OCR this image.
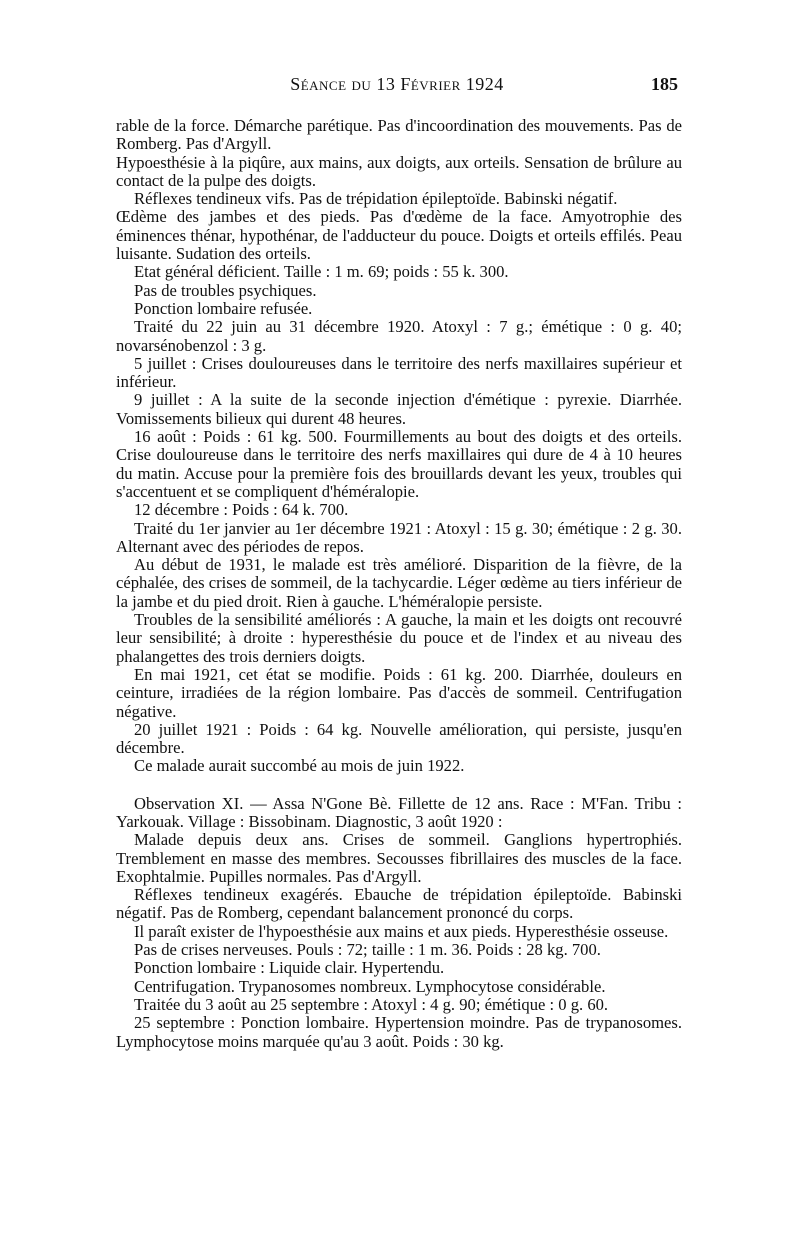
Séance du 13 Février 1924	185

rable de la force. Démarche parétique. Pas d'incoordination des mouvements. Pas de Romberg. Pas d'Argyll.

Hypoesthésie à la piqûre, aux mains, aux doigts, aux orteils. Sensation de brûlure au contact de la pulpe des doigts.

Réflexes tendineux vifs. Pas de trépidation épileptoïde. Babinski négatif.

Œdème des jambes et des pieds. Pas d'œdème de la face. Amyotrophie des éminences thénar, hypothénar, de l'adducteur du pouce. Doigts et orteils effilés. Peau luisante. Sudation des orteils.

Etat général déficient. Taille : 1 m. 69; poids : 55 k. 300.

Pas de troubles psychiques.

Ponction lombaire refusée.

Traité du 22 juin au 31 décembre 1920. Atoxyl : 7 g.; émétique : 0 g. 40; novarsénobenzol : 3 g.

5 juillet : Crises douloureuses dans le territoire des nerfs maxillaires supérieur et inférieur.

9 juillet : A la suite de la seconde injection d'émétique : pyrexie. Diarrhée. Vomissements bilieux qui durent 48 heures.

16 août : Poids : 61 kg. 500. Fourmillements au bout des doigts et des orteils. Crise douloureuse dans le territoire des nerfs maxillaires qui dure de 4 à 10 heures du matin. Accuse pour la première fois des brouillards devant les yeux, troubles qui s'accentuent et se compliquent d'héméralopie.

12 décembre : Poids : 64 k. 700.

Traité du 1er janvier au 1er décembre 1921 : Atoxyl : 15 g. 30; émétique : 2 g. 30. Alternant avec des périodes de repos.

Au début de 1931, le malade est très amélioré. Disparition de la fièvre, de la céphalée, des crises de sommeil, de la tachycardie. Léger œdème au tiers inférieur de la jambe et du pied droit. Rien à gauche. L'héméralopie persiste.

Troubles de la sensibilité améliorés : A gauche, la main et les doigts ont recouvré leur sensibilité; à droite : hyperesthésie du pouce et de l'index et au niveau des phalangettes des trois derniers doigts.

En mai 1921, cet état se modifie. Poids : 61 kg. 200. Diarrhée, douleurs en ceinture, irradiées de la région lombaire. Pas d'accès de sommeil. Centrifugation négative.

20 juillet 1921 : Poids : 64 kg. Nouvelle amélioration, qui persiste, jusqu'en décembre.

Ce malade aurait succombé au mois de juin 1922.

Observation XI. — Assa N'Gone Bè. Fillette de 12 ans. Race : M'Fan. Tribu : Yarkouak. Village : Bissobinam. Diagnostic, 3 août 1920 :

Malade depuis deux ans. Crises de sommeil. Ganglions hypertrophiés. Tremblement en masse des membres. Secousses fibrillaires des muscles de la face. Exophtalmie. Pupilles normales. Pas d'Argyll.

Réflexes tendineux exagérés. Ebauche de trépidation épileptoïde. Babinski négatif. Pas de Romberg, cependant balancement prononcé du corps.

Il paraît exister de l'hypoesthésie aux mains et aux pieds. Hyperesthésie osseuse.

Pas de crises nerveuses. Pouls : 72; taille : 1 m. 36. Poids : 28 kg. 700.

Ponction lombaire : Liquide clair. Hypertendu.

Centrifugation. Trypanosomes nombreux. Lymphocytose considérable.

Traitée du 3 août au 25 septembre : Atoxyl : 4 g. 90; émétique : 0 g. 60.

25 septembre : Ponction lombaire. Hypertension moindre. Pas de trypanosomes. Lymphocytose moins marquée qu'au 3 août. Poids : 30 kg.
